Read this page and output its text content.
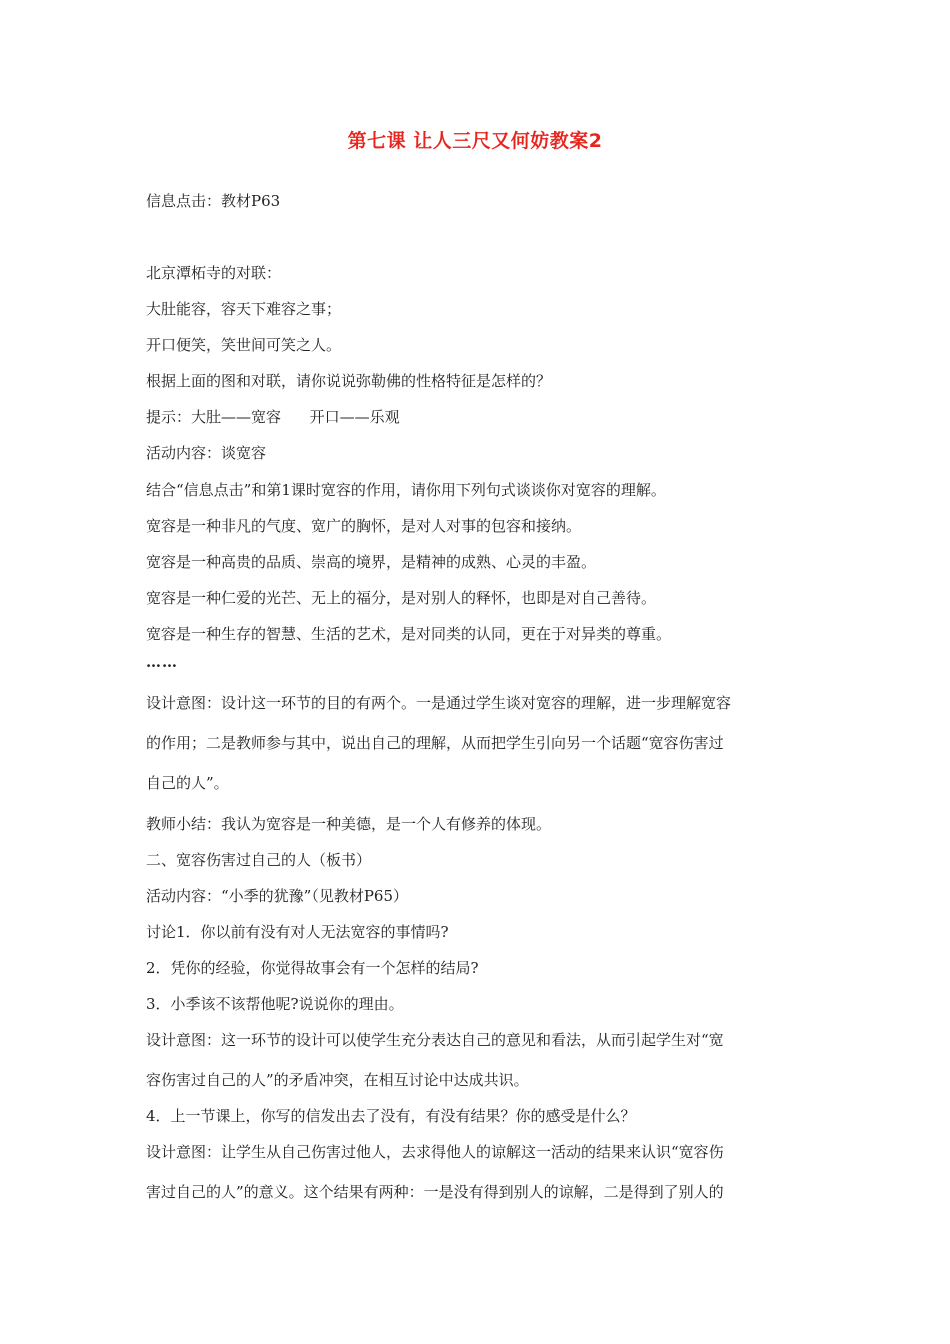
第七课 让人三尺又何妨教案2
信息点击：教材P63
北京潭柘寺的对联：
大肚能容，容天下难容之事；
开口便笑，笑世间可笑之人。
根据上面的图和对联，请你说说弥勒佛的性格特征是怎样的？
提示：大肚——宽容      开口——乐观
活动内容：谈宽容
结合“信息点击”和第1课时宽容的作用，请你用下列句式谈谈你对宽容的理解。
宽容是一种非凡的气度、宽广的胸怀，是对人对事的包容和接纳。
宽容是一种高贵的品质、崇高的境界，是精神的成熟、心灵的丰盈。
宽容是一种仁爱的光芒、无上的福分，是对别人的释怀，也即是对自己善待。
宽容是一种生存的智慧、生活的艺术，是对同类的认同，更在于对异类的尊重。
……
设计意图：设计这一环节的目的有两个。一是通过学生谈对宽容的理解，进一步理解宽容
的作用；二是教师参与其中，说出自己的理解，从而把学生引向另一个话题“宽容伤害过
自己的人”。
教师小结：我认为宽容是一种美德，是一个人有修养的体现。
二、宽容伤害过自己的人（板书）
活动内容：“小季的犹豫”（见教材P65）
讨论1．你以前有没有对人无法宽容的事情吗?
2．凭你的经验，你觉得故事会有一个怎样的结局?
3．小季该不该帮他呢?说说你的理由。
设计意图：这一环节的设计可以使学生充分表达自己的意见和看法，从而引起学生对“宽
容伤害过自己的人”的矛盾冲突，在相互讨论中达成共识。
4．上一节课上，你写的信发出去了没有，有没有结果？你的感受是什么？
设计意图：让学生从自己伤害过他人，去求得他人的谅解这一活动的结果来认识“宽容伤
害过自己的人”的意义。这个结果有两种：一是没有得到别人的谅解，二是得到了别人的
